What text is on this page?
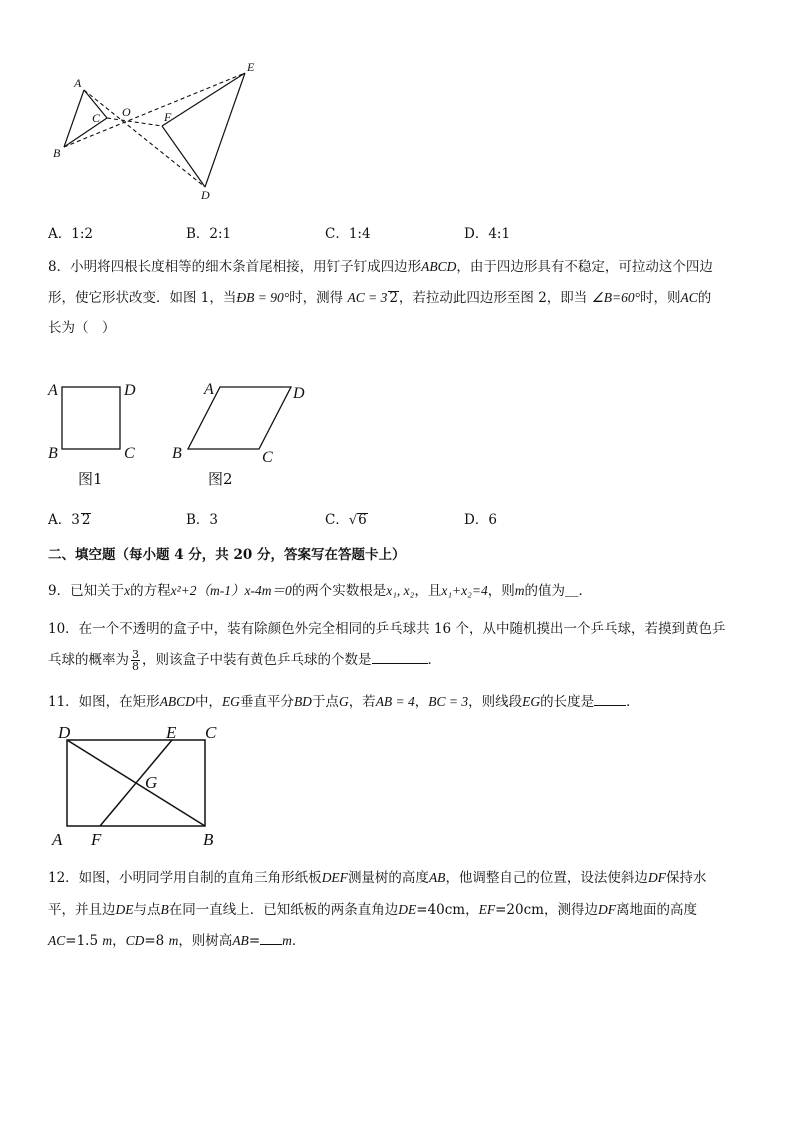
A
B
C O	F
E
D
A．1:2	B．2:1	C．1:4	D．4:1
8．小明将四根长度相等的细木条首尾相接，用钉子钉成四边形ABCD，由于四边形具有不稳定，可拉动这个四边
形，使它形状改变．如图 1，当ÐB = 90°时，测得 AC = 3 2，若拉动此四边形至图 2，即当 ∠B=60°时，则AC的
长为（　）
A	D
B	C
A	D
B	C
图1	图2
A．3 2	B．3	C．√6	D．6
二、填空题（每小题 4 分，共 20 分，答案写在答题卡上）
9．已知关于x的方程x²+2（m-1）x-4m＝0的两个实数根是x₁, x₂，且x₁+x₂=4，则m的值为＿．
10．在一个不透明的盒子中，装有除颜色外完全相同的乒乓球共 16 个，从中随机摸出一个乒乓球，若摸到黄色乒
乓球的概率为 $\frac{3}{8}$ ，则该盒子中装有黄色乒乓球的个数是	．
11．如图，在矩形ABCD中，EG垂直平分BD于点G，若AB = 4，BC = 3，则线段EG的长度是 ．
D	E C
G
A F	B
12．如图，小明同学用自制的直角三角形纸板DEF测量树的高度AB，他调整自己的位置，设法使斜边DF保持水
平，并且边DE与点B在同一直线上．已知纸板的两条直角边DE=40cm，EF=20cm，测得边DF离地面的高度
AC=1.5 m，CD=8 m，则树高AB= m．
